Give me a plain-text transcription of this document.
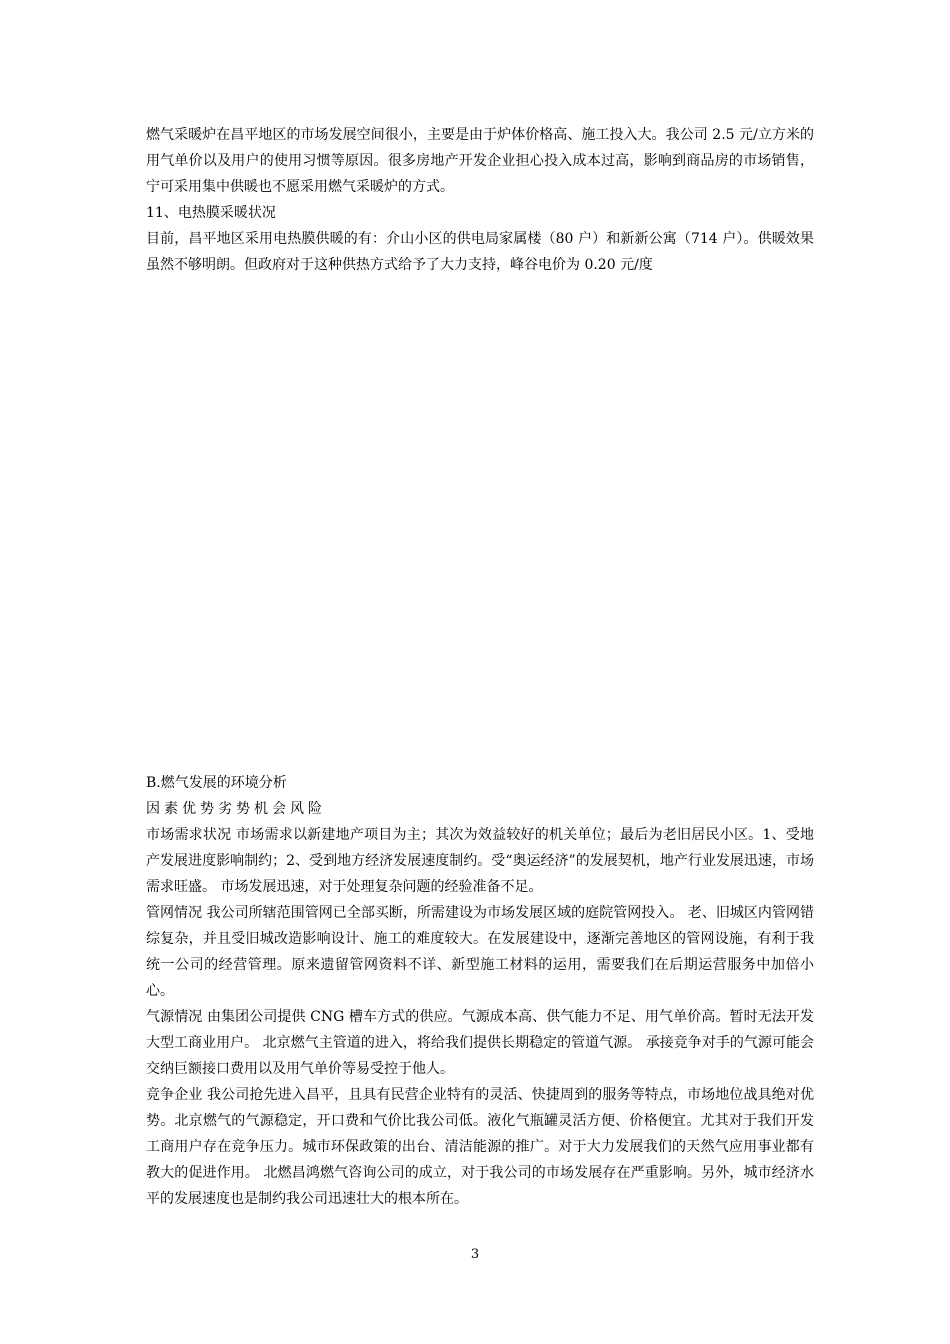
燃气采暖炉在昌平地区的市场发展空间很小，主要是由于炉体价格高、施工投入大。我公司 2.5 元/立方米的用气单价以及用户的使用习惯等原因。很多房地产开发企业担心投入成本过高，影响到商品房的市场销售，宁可采用集中供暖也不愿采用燃气采暖炉的方式。

11、电热膜采暖状况

目前，昌平地区采用电热膜供暖的有：介山小区的供电局家属楼（80 户）和新新公寓（714 户）。供暖效果虽然不够明朗。但政府对于这种供热方式给予了大力支持，峰谷电价为 0.20 元/度

B.燃气发展的环境分析

因素优势劣势机会风险

市场需求状况 市场需求以新建地产项目为主；其次为效益较好的机关单位；最后为老旧居民小区。1、受地产发展进度影响制约；2、受到地方经济发展速度制约。受“奥运经济”的发展契机，地产行业发展迅速，市场需求旺盛。 市场发展迅速，对于处理复杂问题的经验准备不足。

管网情况 我公司所辖范围管网已全部买断，所需建设为市场发展区域的庭院管网投入。 老、旧城区内管网错综复杂，并且受旧城改造影响设计、施工的难度较大。在发展建设中，逐渐完善地区的管网设施，有利于我统一公司的经营管理。原来遗留管网资料不详、新型施工材料的运用，需要我们在后期运营服务中加倍小心。

气源情况 由集团公司提供 CNG 槽车方式的供应。气源成本高、供气能力不足、用气单价高。暂时无法开发大型工商业用户。 北京燃气主管道的进入，将给我们提供长期稳定的管道气源。 承接竞争对手的气源可能会交纳巨额接口费用以及用气单价等易受控于他人。

竞争企业 我公司抢先进入昌平，且具有民营企业特有的灵活、快捷周到的服务等特点，市场地位战具绝对优势。北京燃气的气源稳定，开口费和气价比我公司低。液化气瓶罐灵活方便、价格便宜。尤其对于我们开发工商用户存在竞争压力。城市环保政策的出台、清洁能源的推广。对于大力发展我们的天然气应用事业都有教大的促进作用。 北燃昌鸿燃气咨询公司的成立，对于我公司的市场发展存在严重影响。另外，城市经济水平的发展速度也是制约我公司迅速壮大的根本所在。

3
